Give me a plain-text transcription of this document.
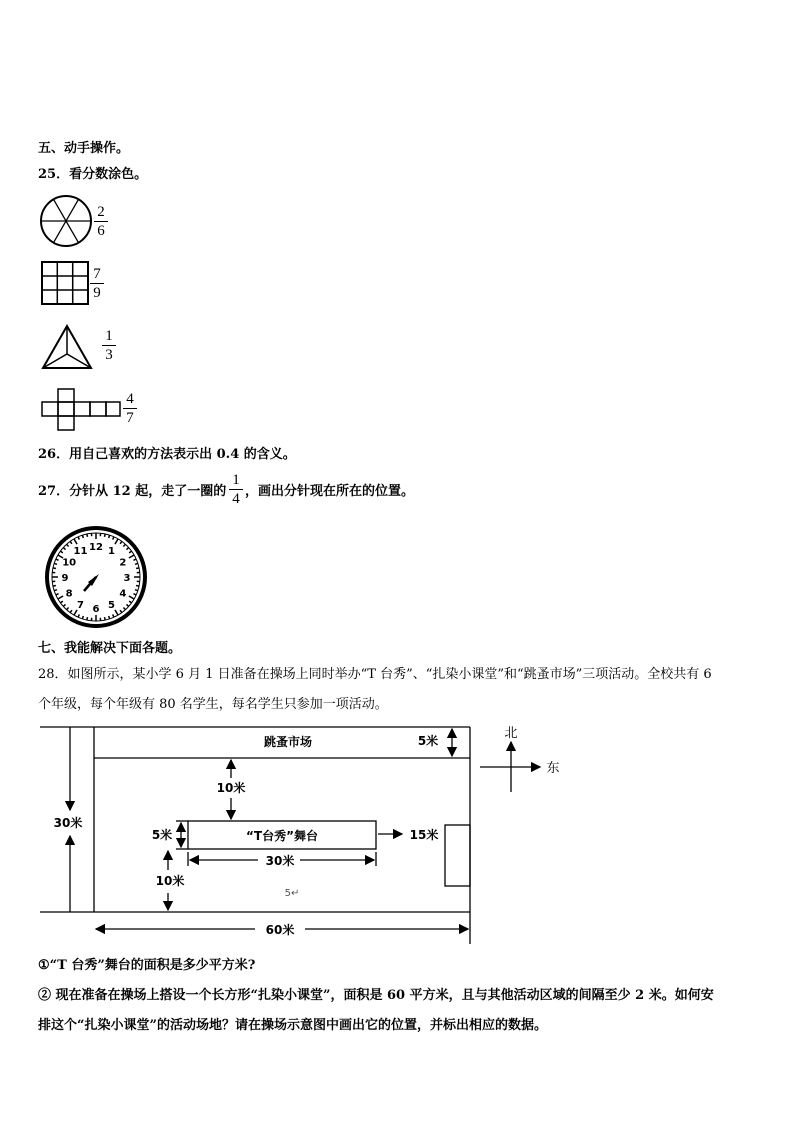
五、动手操作。
25．看分数涂色。
2
6
7
9
1
3
4
7
26．用自己喜欢的方法表示出 0.4 的含义。
27．分针从 12 起，走了一圈的
1
4 ，画出分针现在所在的位置。
12 1
2
3
4
5
6
7
8
9
10
11
七、我能解决下面各题。
28．如图所示，某小学 6 月 1 日准备在操场上同时举办“T 台秀”、“扎染小课堂”和“跳蚤市场”三项活动。全校共有 6
个年级，每个年级有 80 名学生，每名学生只参加一项活动。
跳蚤市场
“T台秀”舞台
5米
10米
30米
5米
30米
15米
10米
60米
5↵
北
东
①“T 台秀”舞台的面积是多少平方米?
② 现在准备在操场上搭设一个长方形“扎染小课堂”，面积是 60 平方米，且与其他活动区域的间隔至少 2 米。如何安
排这个“扎染小课堂”的活动场地？请在操场示意图中画出它的位置，并标出相应的数据。
